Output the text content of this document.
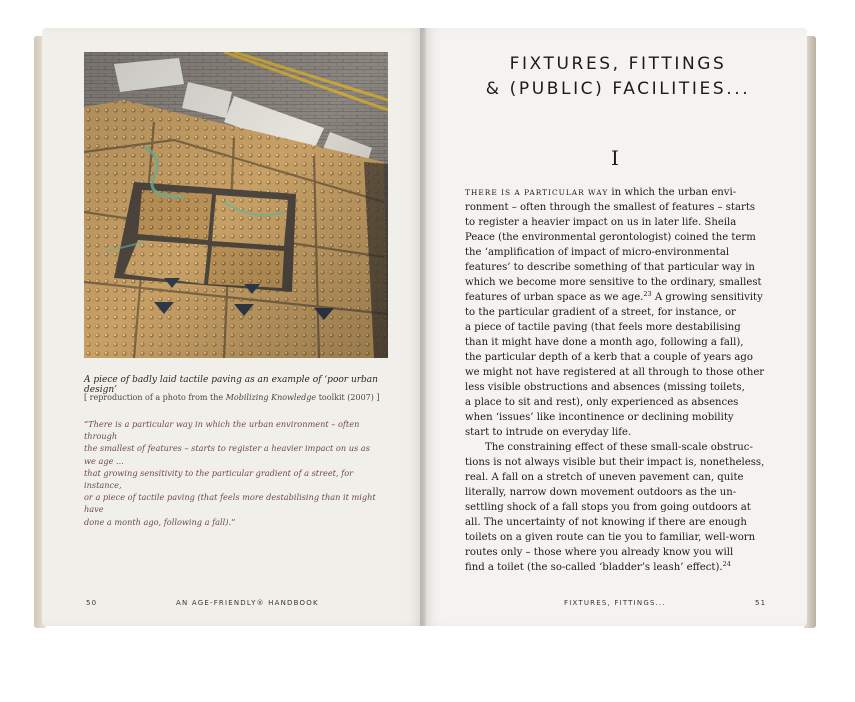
A piece of badly laid tactile paving as an example of ‘poor urban design’
[ reproduction of a photo from the Mobilizing Knowledge toolkit (2007) ]
“There is a particular way in which the urban environment – often through
the smallest of features – starts to register a heavier impact on us as we age ...
that growing sensitivity to the particular gradient of a street, for instance,
or a piece of tactile paving (that feels more destabilising than it might have
done a month ago, following a fall).”
50	AN AGE-FRIENDLY® HANDBOOK
FIXTURES, FITTINGS
& (PUBLIC) FACILITIES...
I
THERE IS A PARTICULAR WAY in which the urban envi-
ronment – often through the smallest of features – starts
to register a heavier impact on us in later life. Sheila
Peace (the environmental gerontologist) coined the term
the ‘amplification of impact of micro-environmental
features’ to describe something of that particular way in
which we become more sensitive to the ordinary, smallest
features of urban space as we age.$^{23}$ A growing sensitivity
to the particular gradient of a street, for instance, or
a piece of tactile paving (that feels more destabilising
than it might have done a month ago, following a fall),
the particular depth of a kerb that a couple of years ago
we might not have registered at all through to those other
less visible obstructions and absences (missing toilets,
a place to sit and rest), only experienced as absences
when ‘issues’ like incontinence or declining mobility
start to intrude on everyday life.
The constraining effect of these small-scale obstruc-
tions is not always visible but their impact is, nonetheless,
real. A fall on a stretch of uneven pavement can, quite
literally, narrow down movement outdoors as the un-
settling shock of a fall stops you from going outdoors at
all. The uncertainty of not knowing if there are enough
toilets on a given route can tie you to familiar, well-worn
routes only – those where you already know you will
find a toilet (the so-called ‘bladder’s leash’ effect).$^{24}$
FIXTURES, FITTINGS...	51
